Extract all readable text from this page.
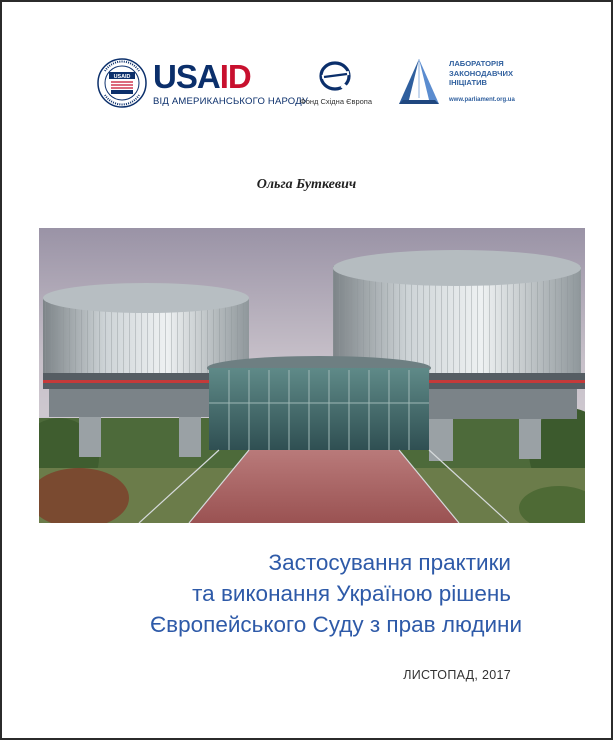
USAID USAID
ВІД АМЕРИКАНСЬКОГО НАРОДУ
Фонд Східна Європа
ЛАБОРАТОРІЯ
ЗАКОНОДАВЧИХ
ІНІЦІАТИВ
www.parliament.org.ua
Ольга Буткевич
Застосування практики
та виконання Україною рішень
Європейського Суду з прав людини
ЛИСТОПАД, 2017
